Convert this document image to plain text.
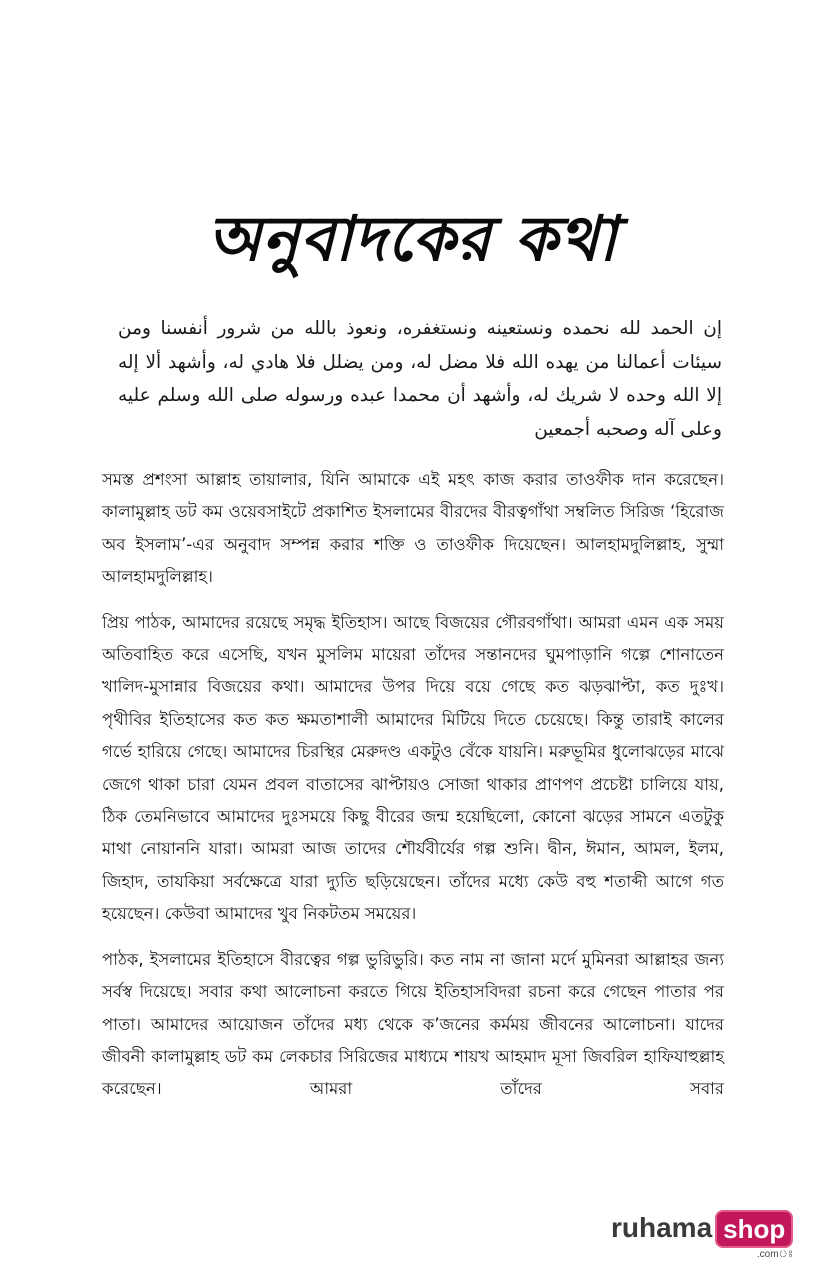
অনুবাদকের কথা
إن الحمد لله نحمده ونستعينه ونستغفره، ونعوذ بالله من شرور أنفسنا ومن سيئات أعمالنا من يهده الله فلا مضل له، ومن يضلل فلا هادي له، وأشهد ألا إله إلا الله وحده لا شريك له، وأشهد أن محمدا عبده ورسوله صلى الله وسلم عليه وعلى آله وصحبه أجمعين

সমস্ত প্রশংসা আল্লাহ তায়ালার, যিনি আমাকে এই মহৎ কাজ করার তাওফীক দান করেছেন। কালামুল্লাহ ডট কম ওয়েবসাইটে প্রকাশিত ইসলামের বীরদের বীরত্বগাঁথা সম্বলিত সিরিজ ‘হিরোজ অব ইসলাম’-এর অনুবাদ সম্পন্ন করার শক্তি ও তাওফীক দিয়েছেন। আলহামদুলিল্লাহ, সুম্মা আলহামদুলিল্লাহ।

প্রিয় পাঠক, আমাদের রয়েছে সমৃদ্ধ ইতিহাস। আছে বিজয়ের গৌরবগাঁথা। আমরা এমন এক সময় অতিবাহিত করে এসেছি, যখন মুসলিম মায়েরা তাঁদের সন্তানদের ঘুমপাড়ানি গল্পে শোনাতেন খালিদ-মুসান্নার বিজয়ের কথা। আমাদের উপর দিয়ে বয়ে গেছে কত ঝড়ঝাপ্টা, কত দুঃখ। পৃথীবির ইতিহাসের কত কত ক্ষমতাশালী আমাদের মিটিয়ে দিতে চেয়েছে। কিন্তু তারাই কালের গর্ভে হারিয়ে গেছে। আমাদের চিরস্থির মেরুদণ্ড একটুও বেঁকে যায়নি। মরুভূমির ধুলোঝড়ের মাঝে জেগে থাকা চারা যেমন প্রবল বাতাসের ঝাপ্টায়ও সোজা থাকার প্রাণপণ প্রচেষ্টা চালিয়ে যায়, ঠিক তেমনিভাবে আমাদের দুঃসময়ে কিছু বীরের জন্ম হয়েছিলো, কোনো ঝড়ের সামনে এতটুকু মাথা নোয়াননি যারা। আমরা আজ তাদের শৌর্যবীর্যের গল্প শুনি। দ্বীন, ঈমান, আমল, ইলম, জিহাদ, তাযকিয়া সর্বক্ষেত্রে যারা দ্যুতি ছড়িয়েছেন। তাঁদের মধ্যে কেউ বহু শতাব্দী আগে গত হয়েছেন। কেউবা আমাদের খুব নিকটতম সময়ের।

পাঠক, ইসলামের ইতিহাসে বীরত্বের গল্প ভুরিভুরি। কত নাম না জানা মর্দে মুমিনরা আল্লাহর জন্য সর্বস্ব দিয়েছে। সবার কথা আলোচনা করতে গিয়ে ইতিহাসবিদরা রচনা করে গেছেন পাতার পর পাতা। আমাদের আয়োজন তাঁদের মধ্য থেকে ক’জনের কর্মময় জীবনের আলোচনা। যাদের জীবনী কালামুল্লাহ ডট কম লেকচার সিরিজের মাধ্যমে শায়খ আহমাদ মূসা জিবরিল হাফিযাহুল্লাহ করেছেন। আমরা তাঁদের সবার

ruhama shop
.comঃ
